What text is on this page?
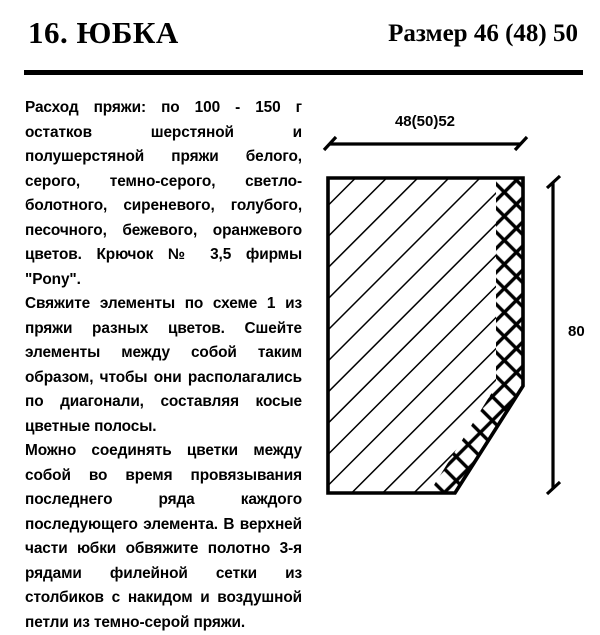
16. ЮБКА	Размер 46 (48) 50

Расход пряжи: по 100 - 150 г остатков шерстяной и полушерстяной пряжи белого, серого, темно-серого, светло-болотного, сиреневого, голубого, песочного, бежевого, оранжевого цветов. Крючок № 3,5 фирмы "Pony".

Свяжите элементы по схеме 1 из пряжи разных цветов. Сшейте элементы между собой таким образом, чтобы они располагались по диагонали, составляя косые цветные полосы.

Можно соединять цветки между собой во время провязывания последнего ряда каждого последующего элемента. В верхней части юбки обвяжите полотно 3-я рядами филейной сетки из столбиков с накидом и воздушной петли из темно-серой пряжи.

48(50)52
80
